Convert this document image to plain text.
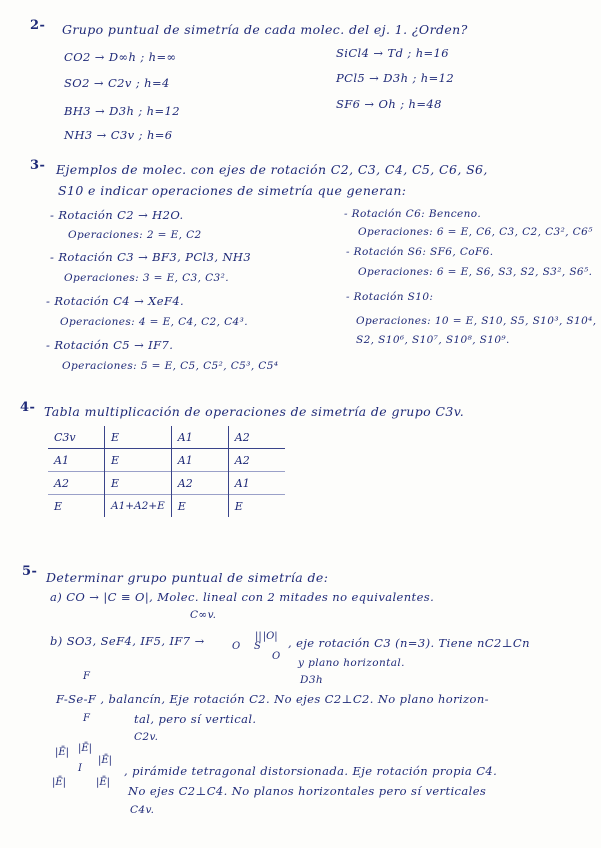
2- Grupo puntual de simetría de cada molec. del ej. 1. ¿Orden?
CO2 → D∞h ; h=∞
SO2 → C2v ; h=4
BH3 → D3h ; h=12
NH3 → C3v ; h=6
SiCl4 → Td ; h=16
PCl5 → D3h ; h=12
SF6 → Oh ; h=48
3- Ejemplos de molec. con ejes de rotación C2, C3, C4, C5, C6, S6,
S10 e indicar operaciones de simetría que generan:
- Rotación C2 → H2O.
Operaciones: 2 = E, C2
- Rotación C3 → BF3, PCl3, NH3
Operaciones: 3 = E, C3, C3².
- Rotación C4 → XeF4.
Operaciones: 4 = E, C4, C2, C4³.
- Rotación C5 → IF7.
Operaciones: 5 = E, C5, C5², C5³, C5⁴
- Rotación C6: Benceno.
Operaciones: 6 = E, C6, C3, C2, C3², C6⁵
- Rotación S6: SF6, CoF6.
Operaciones: 6 = E, S6, S3, S2, S3², S6⁵.
- Rotación S10:
Operaciones: 10 = E, S10, S5, S10³, S10⁴,
S2, S10⁶, S10⁷, S10⁸, S10⁹.
4- Tabla multiplicación de operaciones de simetría de grupo C3v.
C3v	E	A1	A2
A1	E	A1	A2
A2	E	A2	A1
E	A1+A2+E	E	E
5- Determinar grupo puntual de simetría de:
a) CO → |C ≡ O|, Molec. lineal con 2 mitades no equivalentes.
C∞v.
b) SO3, SeF4, IF5, IF7 →	|O|

||
O S
O
, eje rotación C3 (n=3). Tiene nC2⊥Cn
y plano horizontal.
D3h
F
F-Se-F , balancín, Eje rotación C2. No ejes C2⊥C2. No plano horizon-
F	tal, pero sí vertical.
C2v.
|Ē| |Ē|
|Ē|
I
|Ē|	|Ē|
, pirámide tetragonal distorsionada. Eje rotación propia C4.
No ejes C2⊥C4. No planos horizontales pero sí verticales
C4v.
